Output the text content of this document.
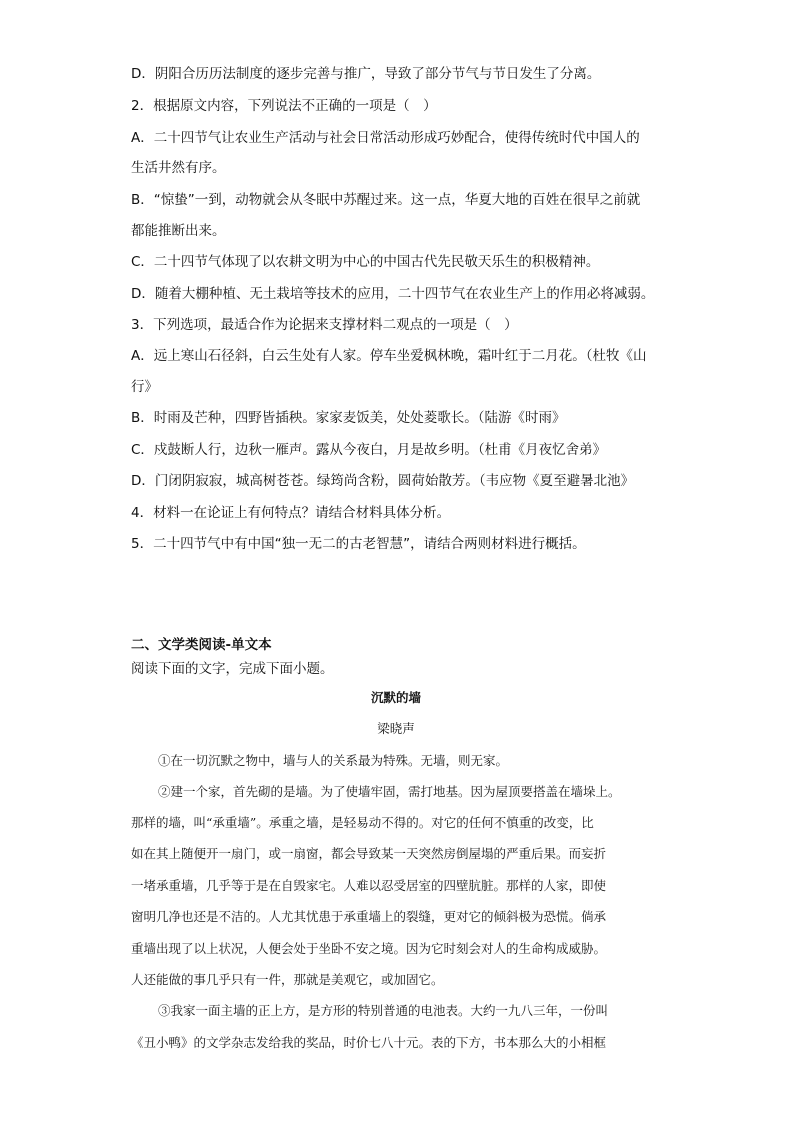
D．阴阳合历历法制度的逐步完善与推广，导致了部分节气与节日发生了分离。
2．根据原文内容，下列说法不正确的一项是（　）
A．二十四节气让农业生产活动与社会日常活动形成巧妙配合，使得传统时代中国人的
生活井然有序。
B．“惊蛰”一到，动物就会从冬眠中苏醒过来。这一点，华夏大地的百姓在很早之前就
都能推断出来。
C．二十四节气体现了以农耕文明为中心的中国古代先民敬天乐生的积极精神。
D．随着大棚种植、无土栽培等技术的应用，二十四节气在农业生产上的作用必将减弱。
3．下列选项，最适合作为论据来支撑材料二观点的一项是（　）
A．远上寒山石径斜，白云生处有人家。停车坐爱枫林晚，霜叶红于二月花。（杜牧《山
行》
B．时雨及芒种，四野皆插秧。家家麦饭美，处处菱歌长。（陆游《时雨》
C．戍鼓断人行，边秋一雁声。露从今夜白，月是故乡明。（杜甫《月夜忆舍弟》
D．门闭阴寂寂，城高树苍苍。绿筠尚含粉，圆荷始散芳。（韦应物《夏至避暑北池》
4．材料一在论证上有何特点？请结合材料具体分析。
5．二十四节气中有中国“独一无二的古老智慧”，请结合两则材料进行概括。
二、文学类阅读-单文本
阅读下面的文字，完成下面小题。
沉默的墙
梁晓声
①在一切沉默之物中，墙与人的关系最为特殊。无墙，则无家。
②建一个家，首先砌的是墙。为了使墙牢固，需打地基。因为屋顶要搭盖在墙垛上。
那样的墙，叫“承重墙”。承重之墙，是轻易动不得的。对它的任何不慎重的改变，比
如在其上随便开一扇门，或一扇窗，都会导致某一天突然房倒屋塌的严重后果。而妄折
一堵承重墙，几乎等于是在自毁家宅。人难以忍受居室的四壁肮脏。那样的人家，即使
窗明几净也还是不洁的。人尤其忧患于承重墙上的裂缝，更对它的倾斜极为恐慌。倘承
重墙出现了以上状况，人便会处于坐卧不安之境。因为它时刻会对人的生命构成威胁。
人还能做的事几乎只有一件，那就是美观它，或加固它。
③我家一面主墙的正上方，是方形的特别普通的电池表。大约一九八三年，一份叫
《丑小鸭》的文学杂志发给我的奖品，时价七八十元。表的下方，书本那么大的小相框
